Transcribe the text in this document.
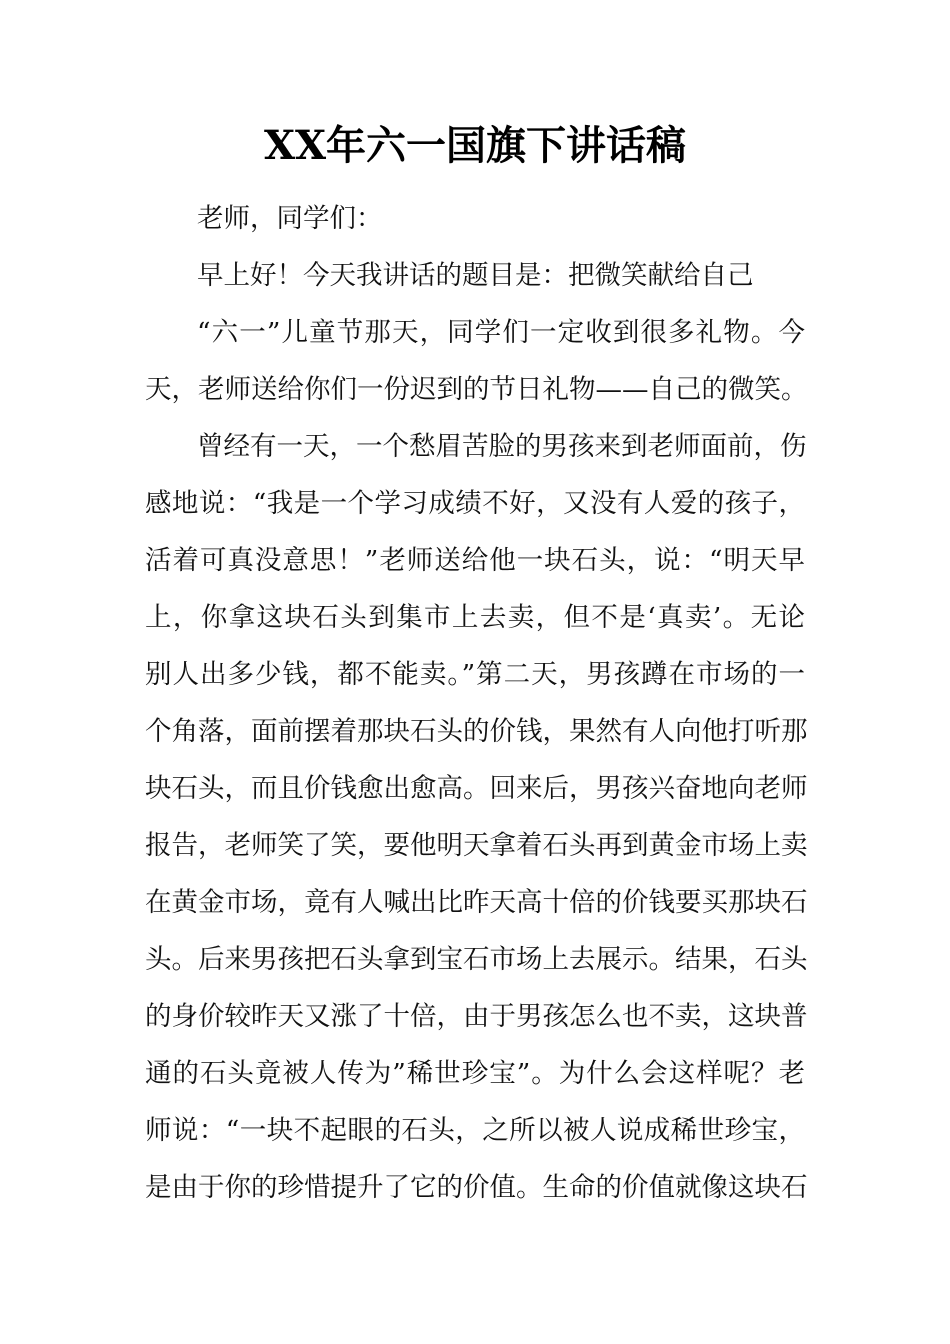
XX年六一国旗下讲话稿
老师，同学们：
早上好！今天我讲话的题目是：把微笑献给自己
“六一”儿童节那天，同学们一定收到很多礼物。今
天，老师送给你们一份迟到的节日礼物——自己的微笑。
曾经有一天，一个愁眉苦脸的男孩来到老师面前，伤
感地说：“我是一个学习成绩不好，又没有人爱的孩子，
活着可真没意思！”老师送给他一块石头，说：“明天早
上，你拿这块石头到集市上去卖，但不是‘真卖’。无论
别人出多少钱，都不能卖。”第二天，男孩蹲在市场的一
个角落，面前摆着那块石头的价钱，果然有人向他打听那
块石头，而且价钱愈出愈高。回来后，男孩兴奋地向老师
报告，老师笑了笑，要他明天拿着石头再到黄金市场上卖
在黄金市场，竟有人喊出比昨天高十倍的价钱要买那块石
头。后来男孩把石头拿到宝石市场上去展示。结果，石头
的身价较昨天又涨了十倍，由于男孩怎么也不卖，这块普
通的石头竟被人传为”稀世珍宝”。为什么会这样呢？老
师说：“一块不起眼的石头，之所以被人说成稀世珍宝，
是由于你的珍惜提升了它的价值。生命的价值就像这块石
